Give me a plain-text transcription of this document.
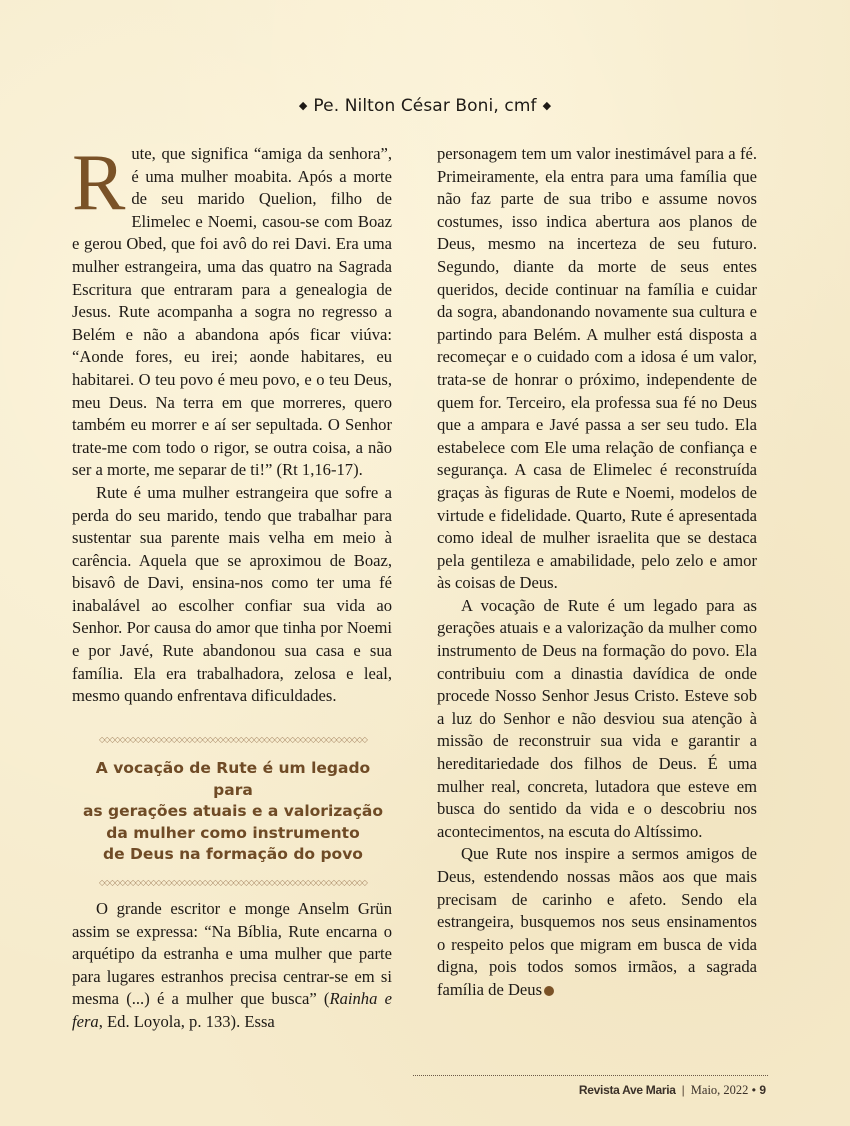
◆ Pe. Nilton César Boni, cmf ◆

Rute, que significa “amiga da senhora”, é uma mulher moabita. Após a morte de seu marido Quelion, filho de Elimelec e Noemi, casou-se com Boaz e gerou Obed, que foi avô do rei Davi. Era uma mulher estrangeira, uma das quatro na Sagrada Escritura que entraram para a genealogia de Jesus. Rute acompanha a sogra no regresso a Belém e não a abandona após ficar viúva: “Aonde fores, eu irei; aonde habitares, eu habitarei. O teu povo é meu povo, e o teu Deus, meu Deus. Na terra em que morreres, quero também eu morrer e aí ser sepultada. O Senhor trate-me com todo o rigor, se outra coisa, a não ser a morte, me separar de ti!” (Rt 1,16-17).

Rute é uma mulher estrangeira que sofre a perda do seu marido, tendo que trabalhar para sustentar sua parente mais velha em meio à carência. Aquela que se aproximou de Boaz, bisavô de Davi, ensina-nos como ter uma fé inabalável ao escolher confiar sua vida ao Senhor. Por causa do amor que tinha por Noemi e por Javé, Rute abandonou sua casa e sua família. Ela era trabalhadora, zelosa e leal, mesmo quando enfrentava dificuldades.

◇◇◇◇◇◇◇◇◇◇◇◇◇◇◇◇◇◇◇◇◇◇◇◇◇◇◇◇◇◇◇◇◇◇◇◇◇◇◇◇◇◇◇◇◇◇◇◇◇◇◇◇
A vocação de Rute é um legado para
as gerações atuais e a valorização
da mulher como instrumento
de Deus na formação do povo
◇◇◇◇◇◇◇◇◇◇◇◇◇◇◇◇◇◇◇◇◇◇◇◇◇◇◇◇◇◇◇◇◇◇◇◇◇◇◇◇◇◇◇◇◇◇◇◇◇◇◇◇

O grande escritor e monge Anselm Grün assim se expressa: “Na Bíblia, Rute encarna o arquétipo da estranha e uma mulher que parte para lugares estranhos precisa centrar-se em si mesma (...) é a mulher que busca” (Rainha e fera, Ed. Loyola, p. 133). Essa

personagem tem um valor inestimável para a fé. Primeiramente, ela entra para uma família que não faz parte de sua tribo e assume novos costumes, isso indica abertura aos planos de Deus, mesmo na incerteza de seu futuro. Segundo, diante da morte de seus entes queridos, decide continuar na família e cuidar da sogra, abandonando novamente sua cultura e partindo para Belém. A mulher está disposta a recomeçar e o cuidado com a idosa é um valor, trata-se de honrar o próximo, independente de quem for. Terceiro, ela professa sua fé no Deus que a ampara e Javé passa a ser seu tudo. Ela estabelece com Ele uma relação de confiança e segurança. A casa de Elimelec é reconstruída graças às figuras de Rute e Noemi, modelos de virtude e fidelidade. Quarto, Rute é apresentada como ideal de mulher israelita que se destaca pela gentileza e amabilidade, pelo zelo e amor às coisas de Deus.

A vocação de Rute é um legado para as gerações atuais e a valorização da mulher como instrumento de Deus na formação do povo. Ela contribuiu com a dinastia davídica de onde procede Nosso Senhor Jesus Cristo. Esteve sob a luz do Senhor e não desviou sua atenção à missão de reconstruir sua vida e garantir a hereditariedade dos filhos de Deus. É uma mulher real, concreta, lutadora que esteve em busca do sentido da vida e o descobriu nos acontecimentos, na escuta do Altíssimo.

Que Rute nos inspire a sermos amigos de Deus, estendendo nossas mãos aos que mais precisam de carinho e afeto. Sendo ela estrangeira, busquemos nos seus ensinamentos o respeito pelos que migram em busca de vida digna, pois todos somos irmãos, a sagrada família de Deus

Revista Ave Maria | Maio, 2022 • 9
